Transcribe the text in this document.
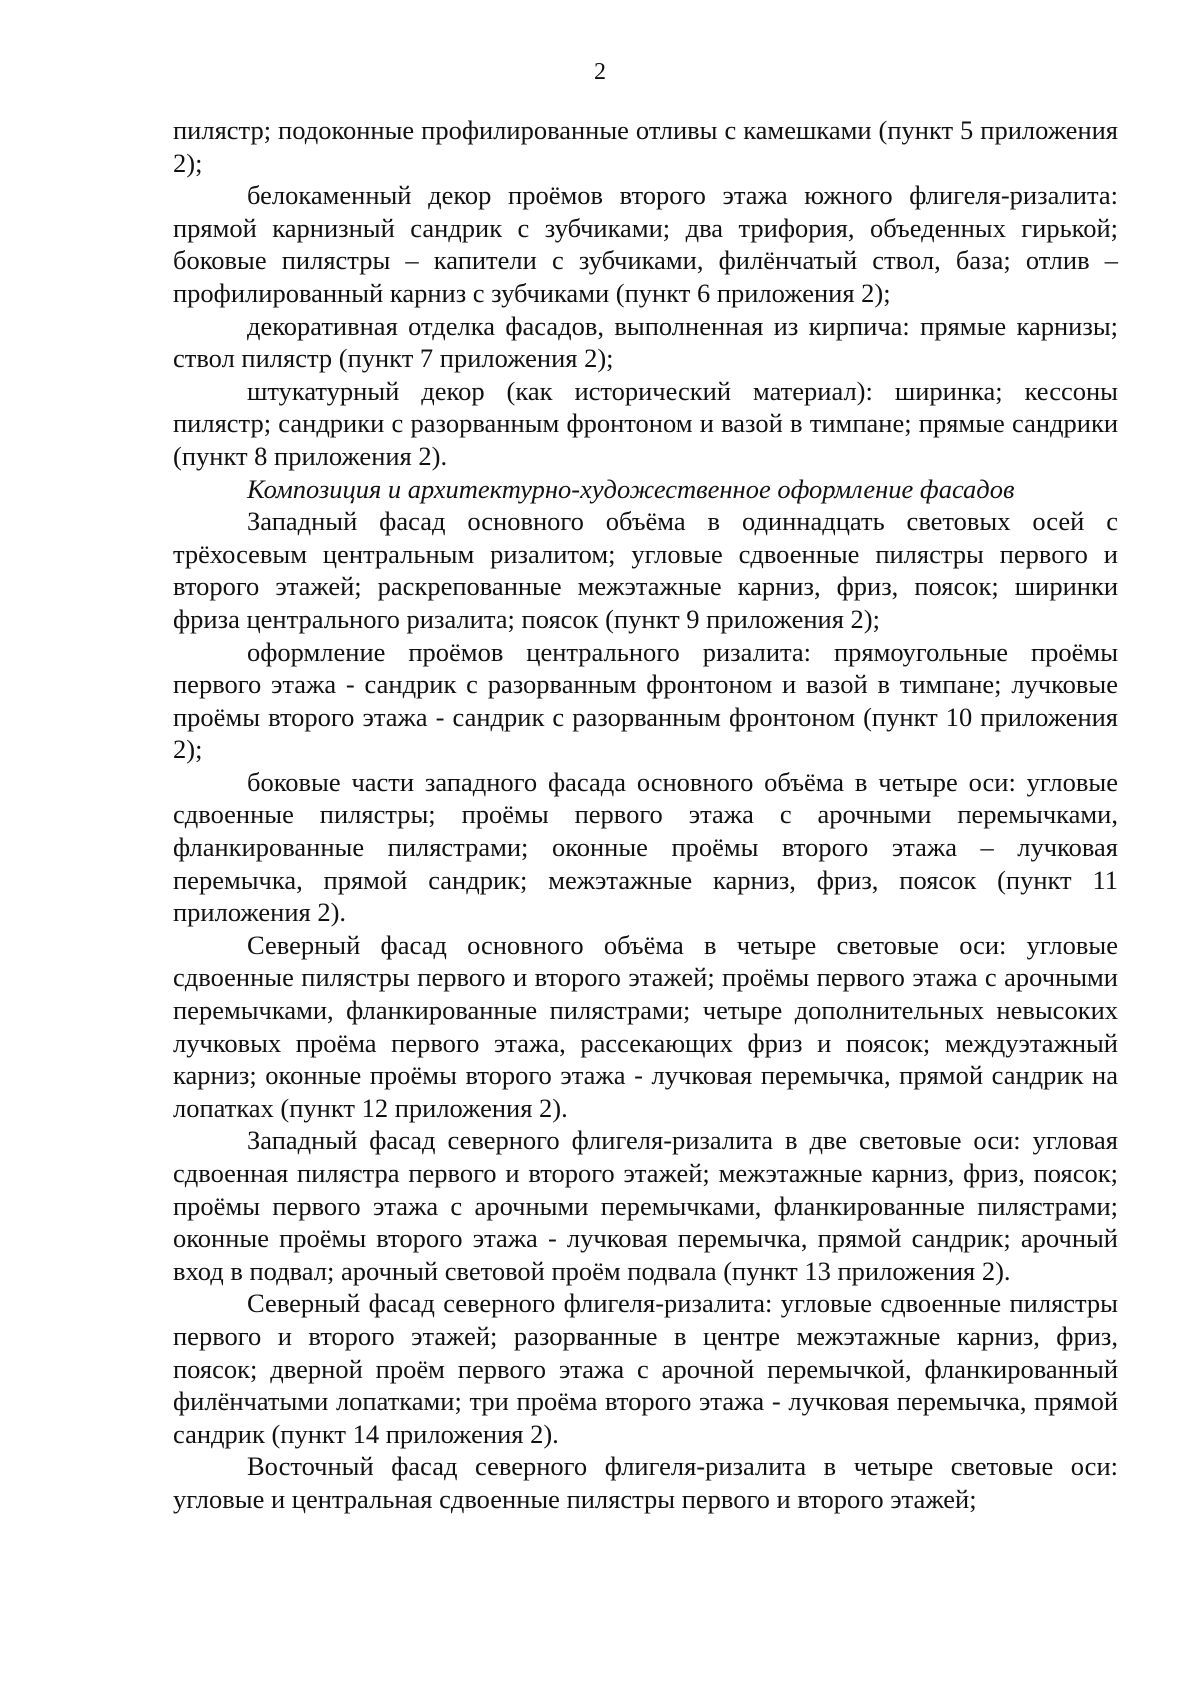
2

пилястр; подоконные профилированные отливы с камешками (пункт 5 приложения 2);

белокаменный декор проёмов второго этажа южного флигеля-ризалита: прямой карнизный сандрик с зубчиками; два трифория, объеденных гирькой; боковые пилястры – капители с зубчиками, филёнчатый ствол, база; отлив – профилированный карниз с зубчиками (пункт 6 приложения 2);

декоративная отделка фасадов, выполненная из кирпича: прямые карнизы; ствол пилястр (пункт 7 приложения 2);

штукатурный декор (как исторический материал): ширинка; кессоны пилястр; сандрики с разорванным фронтоном и вазой в тимпане; прямые сандрики (пункт 8 приложения 2).

Композиция и архитектурно-художественное оформление фасадов

Западный фасад основного объёма в одиннадцать световых осей с трёхосевым центральным ризалитом; угловые сдвоенные пилястры первого и второго этажей; раскрепованные межэтажные карниз, фриз, поясок; ширинки фриза центрального ризалита; поясок (пункт 9 приложения 2);

оформление проёмов центрального ризалита: прямоугольные проёмы первого этажа - сандрик с разорванным фронтоном и вазой в тимпане; лучковые проёмы второго этажа - сандрик с разорванным фронтоном (пункт 10 приложения 2);

боковые части западного фасада основного объёма в четыре оси: угловые сдвоенные пилястры; проёмы первого этажа с арочными перемычками, фланкированные пилястрами; оконные проёмы второго этажа – лучковая перемычка, прямой сандрик; межэтажные карниз, фриз, поясок (пункт 11 приложения 2).

Северный фасад основного объёма в четыре световые оси: угловые сдвоенные пилястры первого и второго этажей; проёмы первого этажа с арочными перемычками, фланкированные пилястрами; четыре дополнительных невысоких лучковых проёма первого этажа, рассекающих фриз и поясок; междуэтажный карниз; оконные проёмы второго этажа - лучковая перемычка, прямой сандрик на лопатках (пункт 12 приложения 2).

Западный фасад северного флигеля-ризалита в две световые оси: угловая сдвоенная пилястра первого и второго этажей; межэтажные карниз, фриз, поясок; проёмы первого этажа с арочными перемычками, фланкированные пилястрами; оконные проёмы второго этажа - лучковая перемычка, прямой сандрик; арочный вход в подвал; арочный световой проём подвала (пункт 13 приложения 2).

Северный фасад северного флигеля-ризалита: угловые сдвоенные пилястры первого и второго этажей; разорванные в центре межэтажные карниз, фриз, поясок; дверной проём первого этажа с арочной перемычкой, фланкированный филёнчатыми лопатками; три проёма второго этажа - лучковая перемычка, прямой сандрик (пункт 14 приложения 2).

Восточный фасад северного флигеля-ризалита в четыре световые оси: угловые и центральная сдвоенные пилястры первого и второго этажей;
